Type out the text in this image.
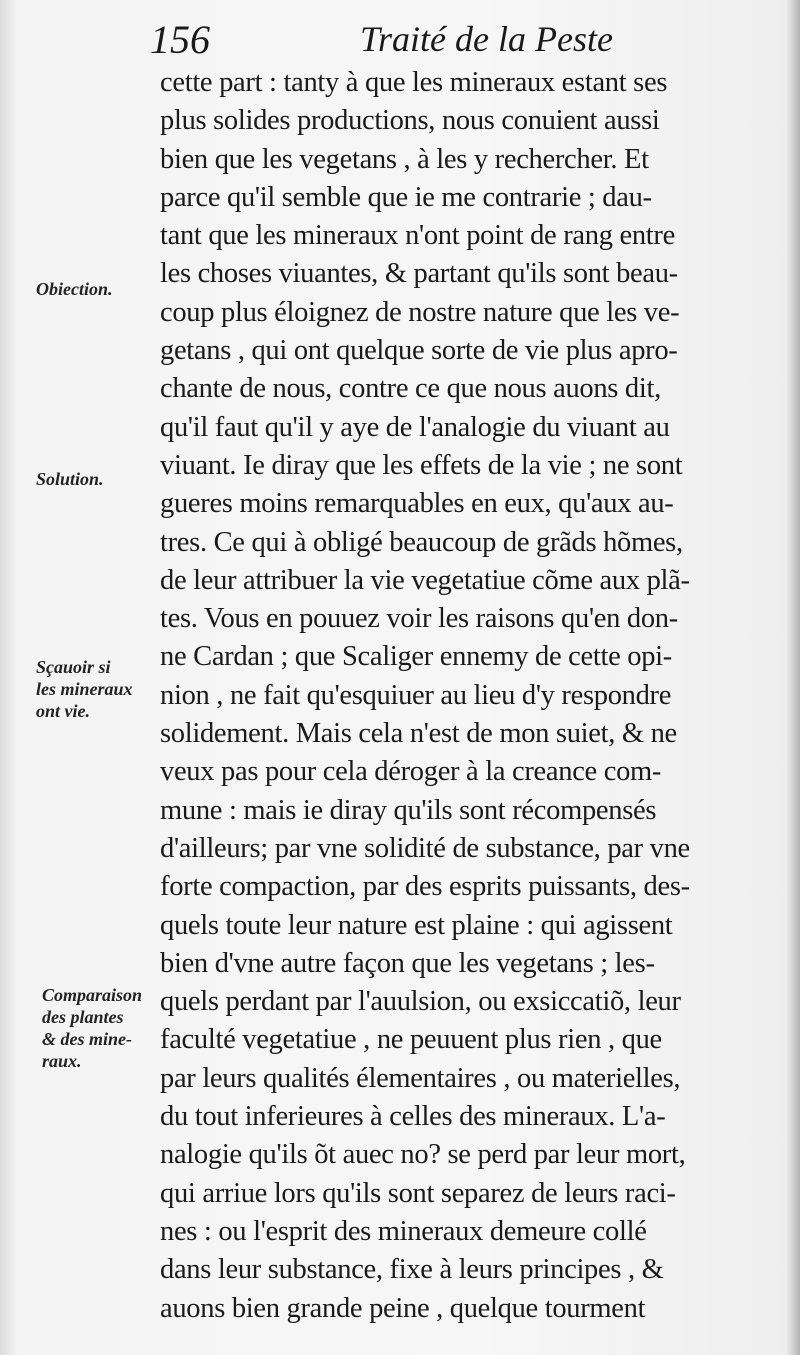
156	Traité de la Peste
cette part : tanty à que les mineraux estant ses
plus solides productions, nous conuient aussi
bien que les vegetans , à les y rechercher. Et
parce qu'il semble que ie me contrarie ; dau-
tant que les mineraux n'ont point de rang entre
les choses viuantes, & partant qu'ils sont beau-
coup plus éloignez de nostre nature que les ve-
getans , qui ont quelque sorte de vie plus apro-
chante de nous, contre ce que nous auons dit,
qu'il faut qu'il y aye de l'analogie du viuant au
viuant. Ie diray que les effets de la vie ; ne sont
gueres moins remarquables en eux, qu'aux au-
tres. Ce qui à obligé beaucoup de grãds hõmes,
de leur attribuer la vie vegetatiue cõme aux plã-
tes. Vous en pouuez voir les raisons qu'en don-
ne Cardan ; que Scaliger ennemy de cette opi-
nion , ne fait qu'esquiuer au lieu d'y respondre
solidement. Mais cela n'est de mon suiet, & ne
veux pas pour cela déroger à la creance com-
mune : mais ie diray qu'ils sont récompensés
d'ailleurs; par vne solidité de substance, par vne
forte compaction, par des esprits puissants, des-
quels toute leur nature est plaine : qui agissent
bien d'vne autre façon que les vegetans ; les-
quels perdant par l'auulsion, ou exsiccatiõ, leur
faculté vegetatiue , ne peuuent plus rien , que
par leurs qualités élementaires , ou materielles,
du tout inferieures à celles des mineraux. L'a-
nalogie qu'ils õt auec no? se perd par leur mort,
qui arriue lors qu'ils sont separez de leurs raci-
nes : ou l'esprit des mineraux demeure collé
dans leur substance, fixe à leurs principes , &
auons bien grande peine , quelque tourment
Obiection.
Solution.
Sçauoir si
les mineraux
ont vie.
Comparaison
des plantes
& des mine-
raux.
